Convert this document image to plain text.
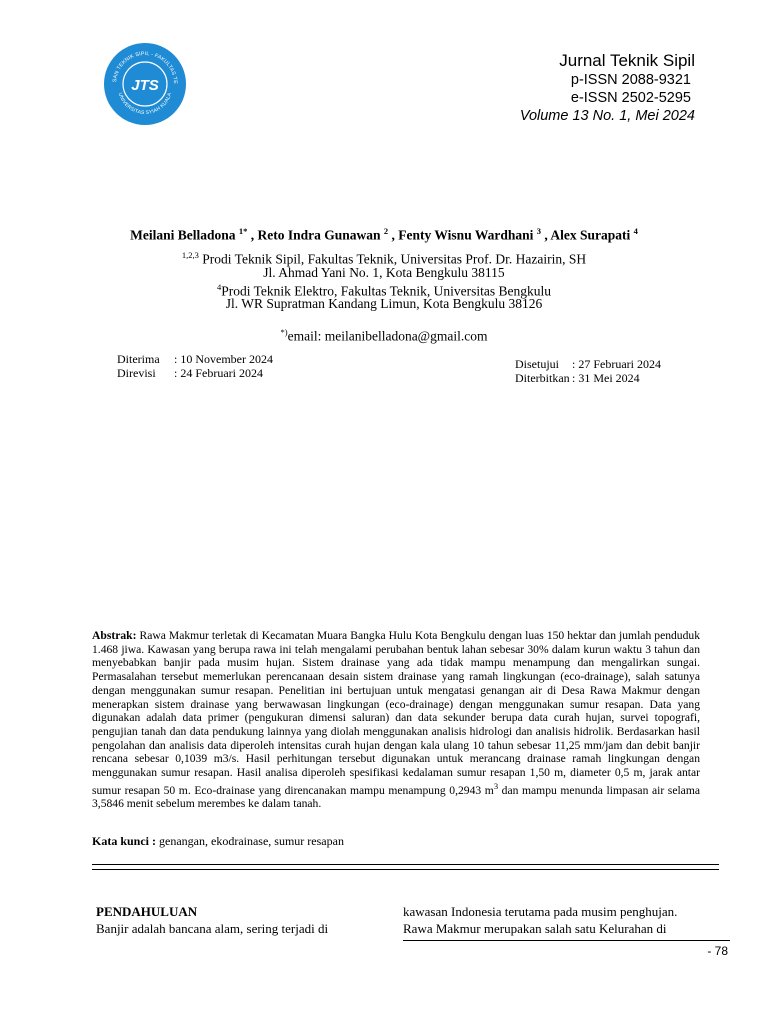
SAN TEKNIK SIPIL - FAKULTAS TE
UNIVERSITAS SYIAH KUALA
JTS
Jurnal Teknik Sipil
p-ISSN 2088-9321
e-ISSN 2502-5295
Volume 13 No. 1, Mei 2024
Meilani Belladona $^{1*}$ , Reto Indra Gunawan $^2$ , Fenty Wisnu Wardhani $^3$ , Alex Surapati $^4$
$^{1,2,3}$ Prodi Teknik Sipil, Fakultas Teknik, Universitas Prof. Dr. Hazairin, SH
Jl. Ahmad Yani No. 1, Kota Bengkulu 38115
$^4$Prodi Teknik Elektro, Fakultas Teknik, Universitas Bengkulu
Jl. WR Supratman Kandang Limun, Kota Bengkulu 38126
*)email: meilanibelladona@gmail.com
Diterima : 10 November 2024
Direvisi : 24 Februari 2024
Disetujui : 27 Februari 2024
Diterbitkan : 31 Mei 2024
Abstrak: Rawa Makmur terletak di Kecamatan Muara Bangka Hulu Kota Bengkulu dengan luas 150 hektar dan jumlah penduduk 1.468 jiwa. Kawasan yang berupa rawa ini telah mengalami perubahan bentuk lahan sebesar 30% dalam kurun waktu 3 tahun dan menyebabkan banjir pada musim hujan. Sistem drainase yang ada tidak mampu menampung dan mengalirkan sungai. Permasalahan tersebut memerlukan perencanaan desain sistem drainase yang ramah lingkungan (eco-drainage), salah satunya dengan menggunakan sumur resapan. Penelitian ini bertujuan untuk mengatasi genangan air di Desa Rawa Makmur dengan menerapkan sistem drainase yang berwawasan lingkungan (eco-drainage) dengan menggunakan sumur resapan. Data yang digunakan adalah data primer (pengukuran dimensi saluran) dan data sekunder berupa data curah hujan, survei topografi, pengujian tanah dan data pendukung lainnya yang diolah menggunakan analisis hidrologi dan analisis hidrolik. Berdasarkan hasil pengolahan dan analisis data diperoleh intensitas curah hujan dengan kala ulang 10 tahun sebesar 11,25 mm/jam dan debit banjir rencana sebesar 0,1039 m3/s. Hasil perhitungan tersebut digunakan untuk merancang drainase ramah lingkungan dengan menggunakan sumur resapan. Hasil analisa diperoleh spesifikasi kedalaman sumur resapan 1,50 m, diameter 0,5 m, jarak antar sumur resapan 50 m. Eco-drainase yang direncanakan mampu menampung 0,2943 $m^3$ dan mampu menunda limpasan air selama 3,5846 menit sebelum merembes ke dalam tanah.
Kata kunci : genangan, ekodrainase, sumur resapan
PENDAHULUAN
Banjir adalah bancana alam, sering terjadi di
kawasan Indonesia terutama pada musim penghujan.
Rawa Makmur merupakan salah satu Kelurahan di
- 78
